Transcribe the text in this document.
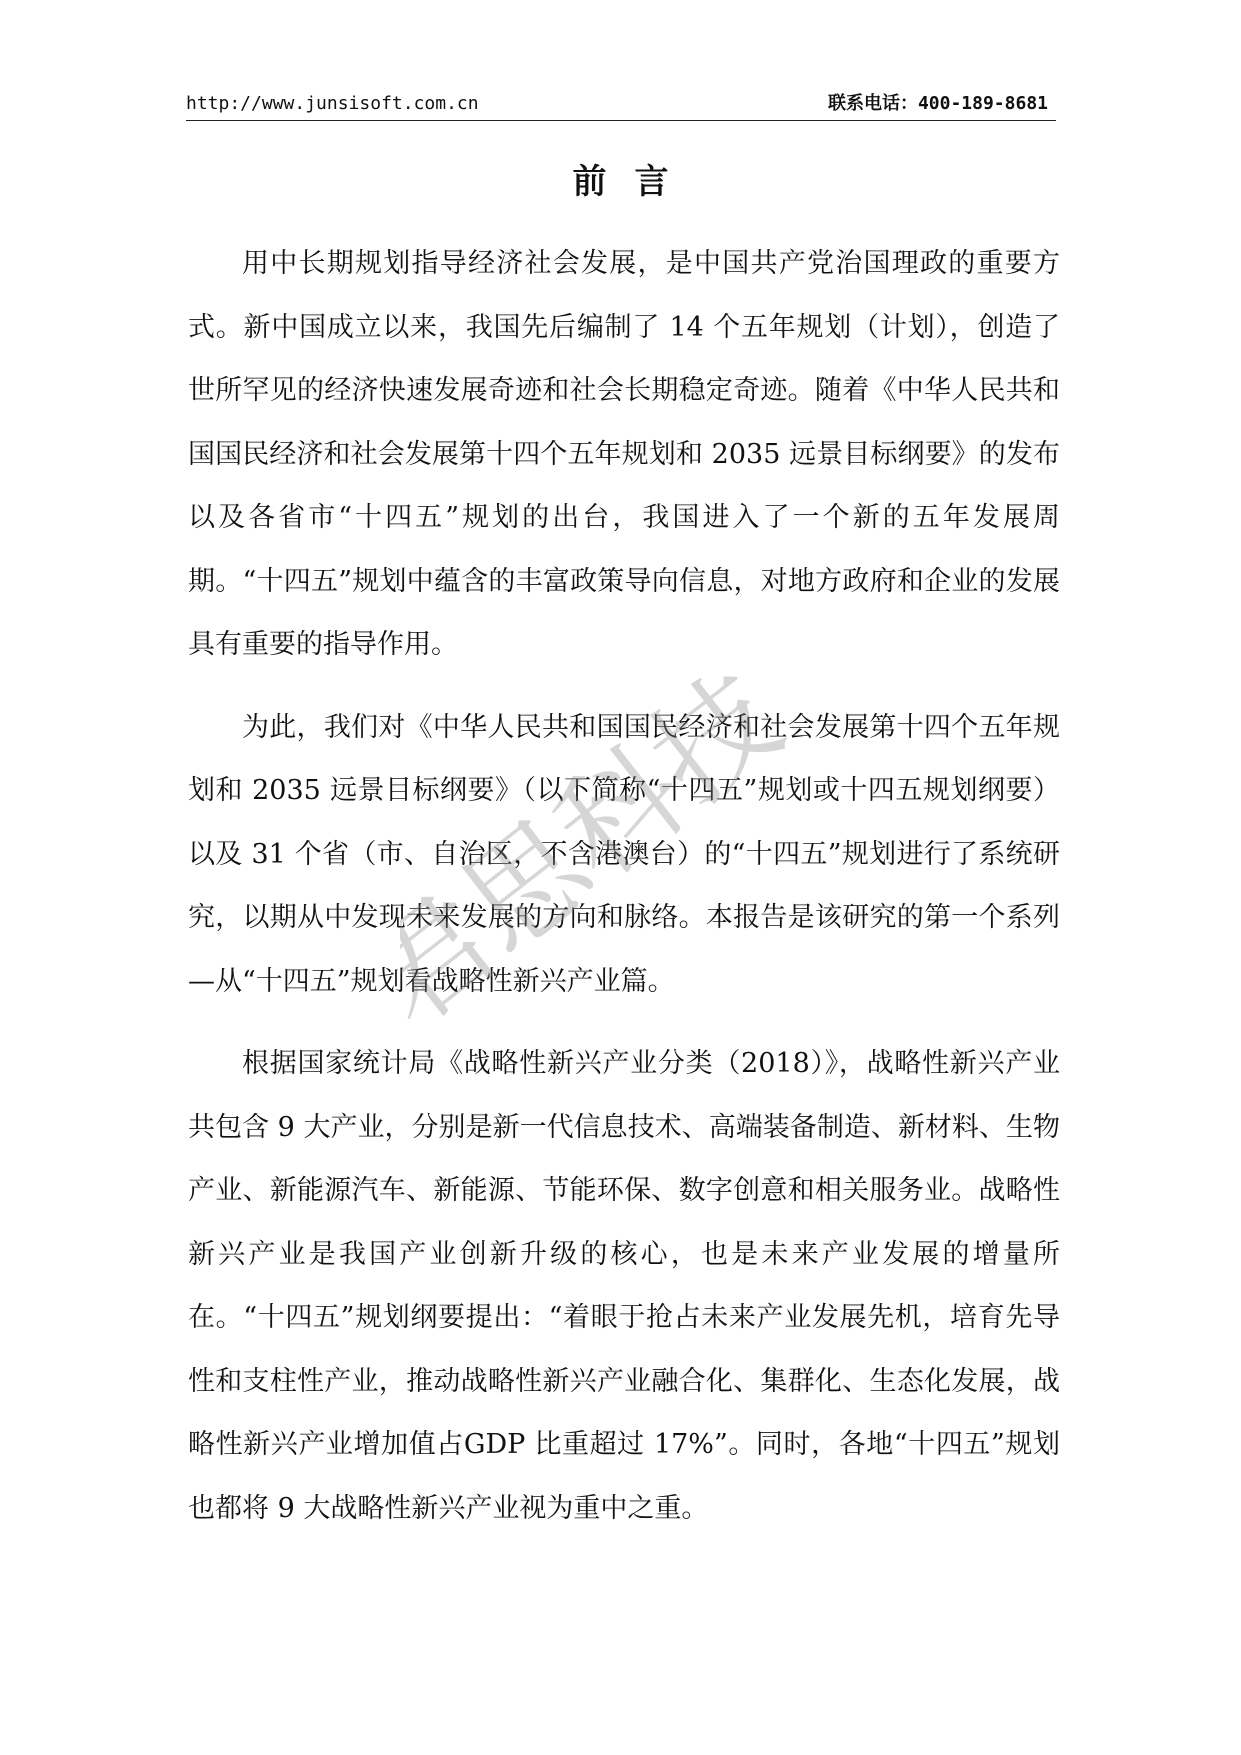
http://www.junsisoft.com.cn	联系电话：400-189-8681
前言

用中长期规划指导经济社会发展，是中国共产党治国理政的重要方式。新中国成立以来，我国先后编制了 14 个五年规划（计划），创造了世所罕见的经济快速发展奇迹和社会长期稳定奇迹。随着《中华人民共和国国民经济和社会发展第十四个五年规划和 2035 远景目标纲要》的发布以及各省市“十四五”规划的出台，我国进入了一个新的五年发展周期。“十四五”规划中蕴含的丰富政策导向信息，对地方政府和企业的发展具有重要的指导作用。

为此，我们对《中华人民共和国国民经济和社会发展第十四个五年规划和 2035 远景目标纲要》（以下简称“十四五”规划或十四五规划纲要）以及 31 个省（市、自治区，不含港澳台）的“十四五”规划进行了系统研究，以期从中发现未来发展的方向和脉络。本报告是该研究的第一个系列—从“十四五”规划看战略性新兴产业篇。

根据国家统计局《战略性新兴产业分类（2018）》，战略性新兴产业共包含 9 大产业，分别是新一代信息技术、高端装备制造、新材料、生物产业、新能源汽车、新能源、节能环保、数字创意和相关服务业。战略性新兴产业是我国产业创新升级的核心，也是未来产业发展的增量所在。“十四五”规划纲要提出：“着眼于抢占未来产业发展先机，培育先导性和支柱性产业，推动战略性新兴产业融合化、集群化、生态化发展，战略性新兴产业增加值占GDP 比重超过 17%”。同时，各地“十四五”规划也都将 9 大战略性新兴产业视为重中之重。

君思科技
